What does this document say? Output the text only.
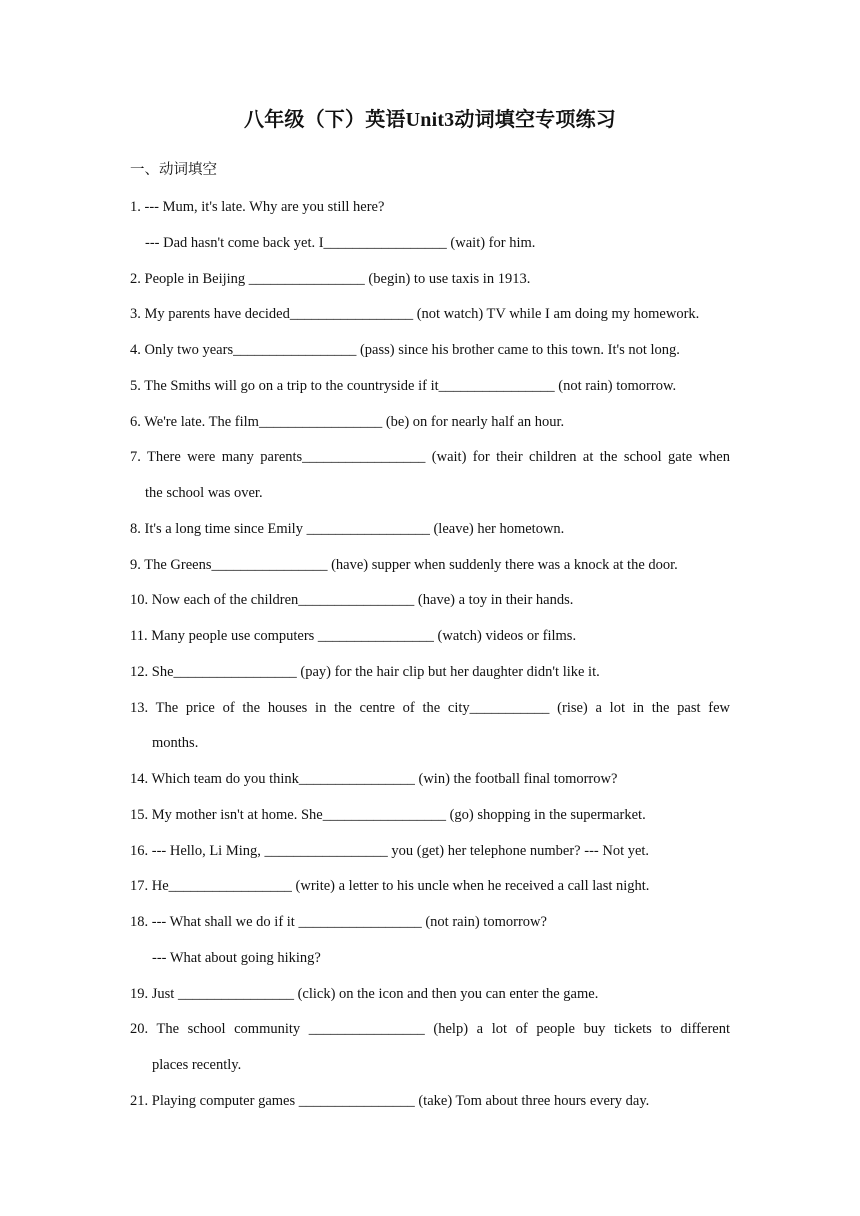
八年级（下）英语Unit3动词填空专项练习
一、动词填空
1. --- Mum, it's late. Why are you still here?
--- Dad hasn't come back yet. I_________________ (wait) for him.
2. People in Beijing ________________ (begin) to use taxis in 1913.
3. My parents have decided_________________ (not watch) TV while I am doing my homework.
4. Only two years_________________ (pass) since his brother came to this town. It's not long.
5. The Smiths will go on a trip to the countryside if it________________ (not rain) tomorrow.
6. We're late. The film_________________ (be) on for nearly half an hour.
7. There were many parents_________________ (wait) for their children at the school gate when
the school was over.
8. It's a long time since Emily _________________ (leave) her hometown.
9. The Greens________________ (have) supper when suddenly there was a knock at the door.
10. Now each of the children________________ (have) a toy in their hands.
11. Many people use computers ________________ (watch) videos or films.
12. She_________________ (pay) for the hair clip but her daughter didn't like it.
13. The price of the houses in the centre of the city___________ (rise) a lot in the past few
months.
14. Which team do you think________________ (win) the football final tomorrow?
15. My mother isn't at home. She_________________ (go) shopping in the supermarket.
16. --- Hello, Li Ming, _________________ you (get) her telephone number? --- Not yet.
17. He_________________ (write) a letter to his uncle when he received a call last night.
18. --- What shall we do if it _________________ (not rain) tomorrow?
--- What about going hiking?
19. Just ________________ (click) on the icon and then you can enter the game.
20. The school community ________________ (help) a lot of people buy tickets to different
places recently.
21. Playing computer games ________________ (take) Tom about three hours every day.
